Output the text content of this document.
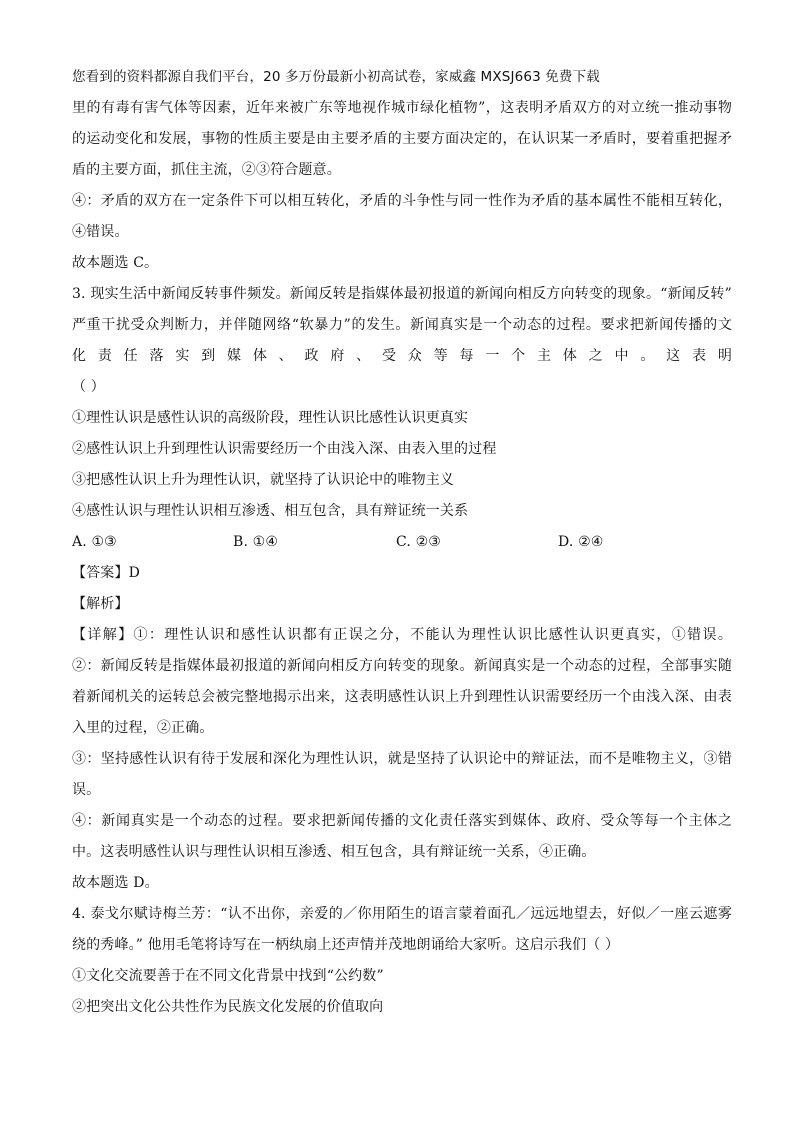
您看到的资料都源自我们平台，20 多万份最新小初高试卷，家威鑫 MXSJ663 免费下载
里的有毒有害气体等因素，近年来被广东等地视作城市绿化植物”，这表明矛盾双方的对立统一推动事物
的运动变化和发展，事物的性质主要是由主要矛盾的主要方面决定的，在认识某一矛盾时，要着重把握矛
盾的主要方面，抓住主流，②③符合题意。
④：矛盾的双方在一定条件下可以相互转化，矛盾的斗争性与同一性作为矛盾的基本属性不能相互转化，
④错误。
故本题选 C。
3. 现实生活中新闻反转事件频发。新闻反转是指媒体最初报道的新闻向相反方向转变的现象。“新闻反转”
严重干扰受众判断力，并伴随网络“软暴力”的发生。新闻真实是一个动态的过程。要求把新闻传播的文
化 责 任 落 实 到 媒 体 、 政 府 、 受 众 等 每 一 个 主 体 之 中 。 这 表 明
（ ）
①理性认识是感性认识的高级阶段，理性认识比感性认识更真实
②感性认识上升到理性认识需要经历一个由浅入深、由表入里的过程
③把感性认识上升为理性认识，就坚持了认识论中的唯物主义
④感性认识与理性认识相互渗透、相互包含，具有辩证统一关系
A. ①③	B. ①④	C. ②③	D. ②④
【答案】D
【解析】
【详解】①：理性认识和感性认识都有正误之分，不能认为理性认识比感性认识更真实，①错误。
②：新闻反转是指媒体最初报道的新闻向相反方向转变的现象。新闻真实是一个动态的过程，全部事实随
着新闻机关的运转总会被完整地揭示出来，这表明感性认识上升到理性认识需要经历一个由浅入深、由表
入里的过程，②正确。
③：坚持感性认识有待于发展和深化为理性认识，就是坚持了认识论中的辩证法，而不是唯物主义，③错
误。
④：新闻真实是一个动态的过程。要求把新闻传播的文化责任落实到媒体、政府、受众等每一个主体之
中。这表明感性认识与理性认识相互渗透、相互包含，具有辩证统一关系，④正确。
故本题选 D。
4. 泰戈尔赋诗梅兰芳：“认不出你，亲爱的／你用陌生的语言蒙着面孔／远远地望去，好似／一座云遮雾
绕的秀峰。” 他用毛笔将诗写在一柄纨扇上还声情并茂地朗诵给大家听。这启示我们（ ）
①文化交流要善于在不同文化背景中找到“公约数”
②把突出文化公共性作为民族文化发展的价值取向
